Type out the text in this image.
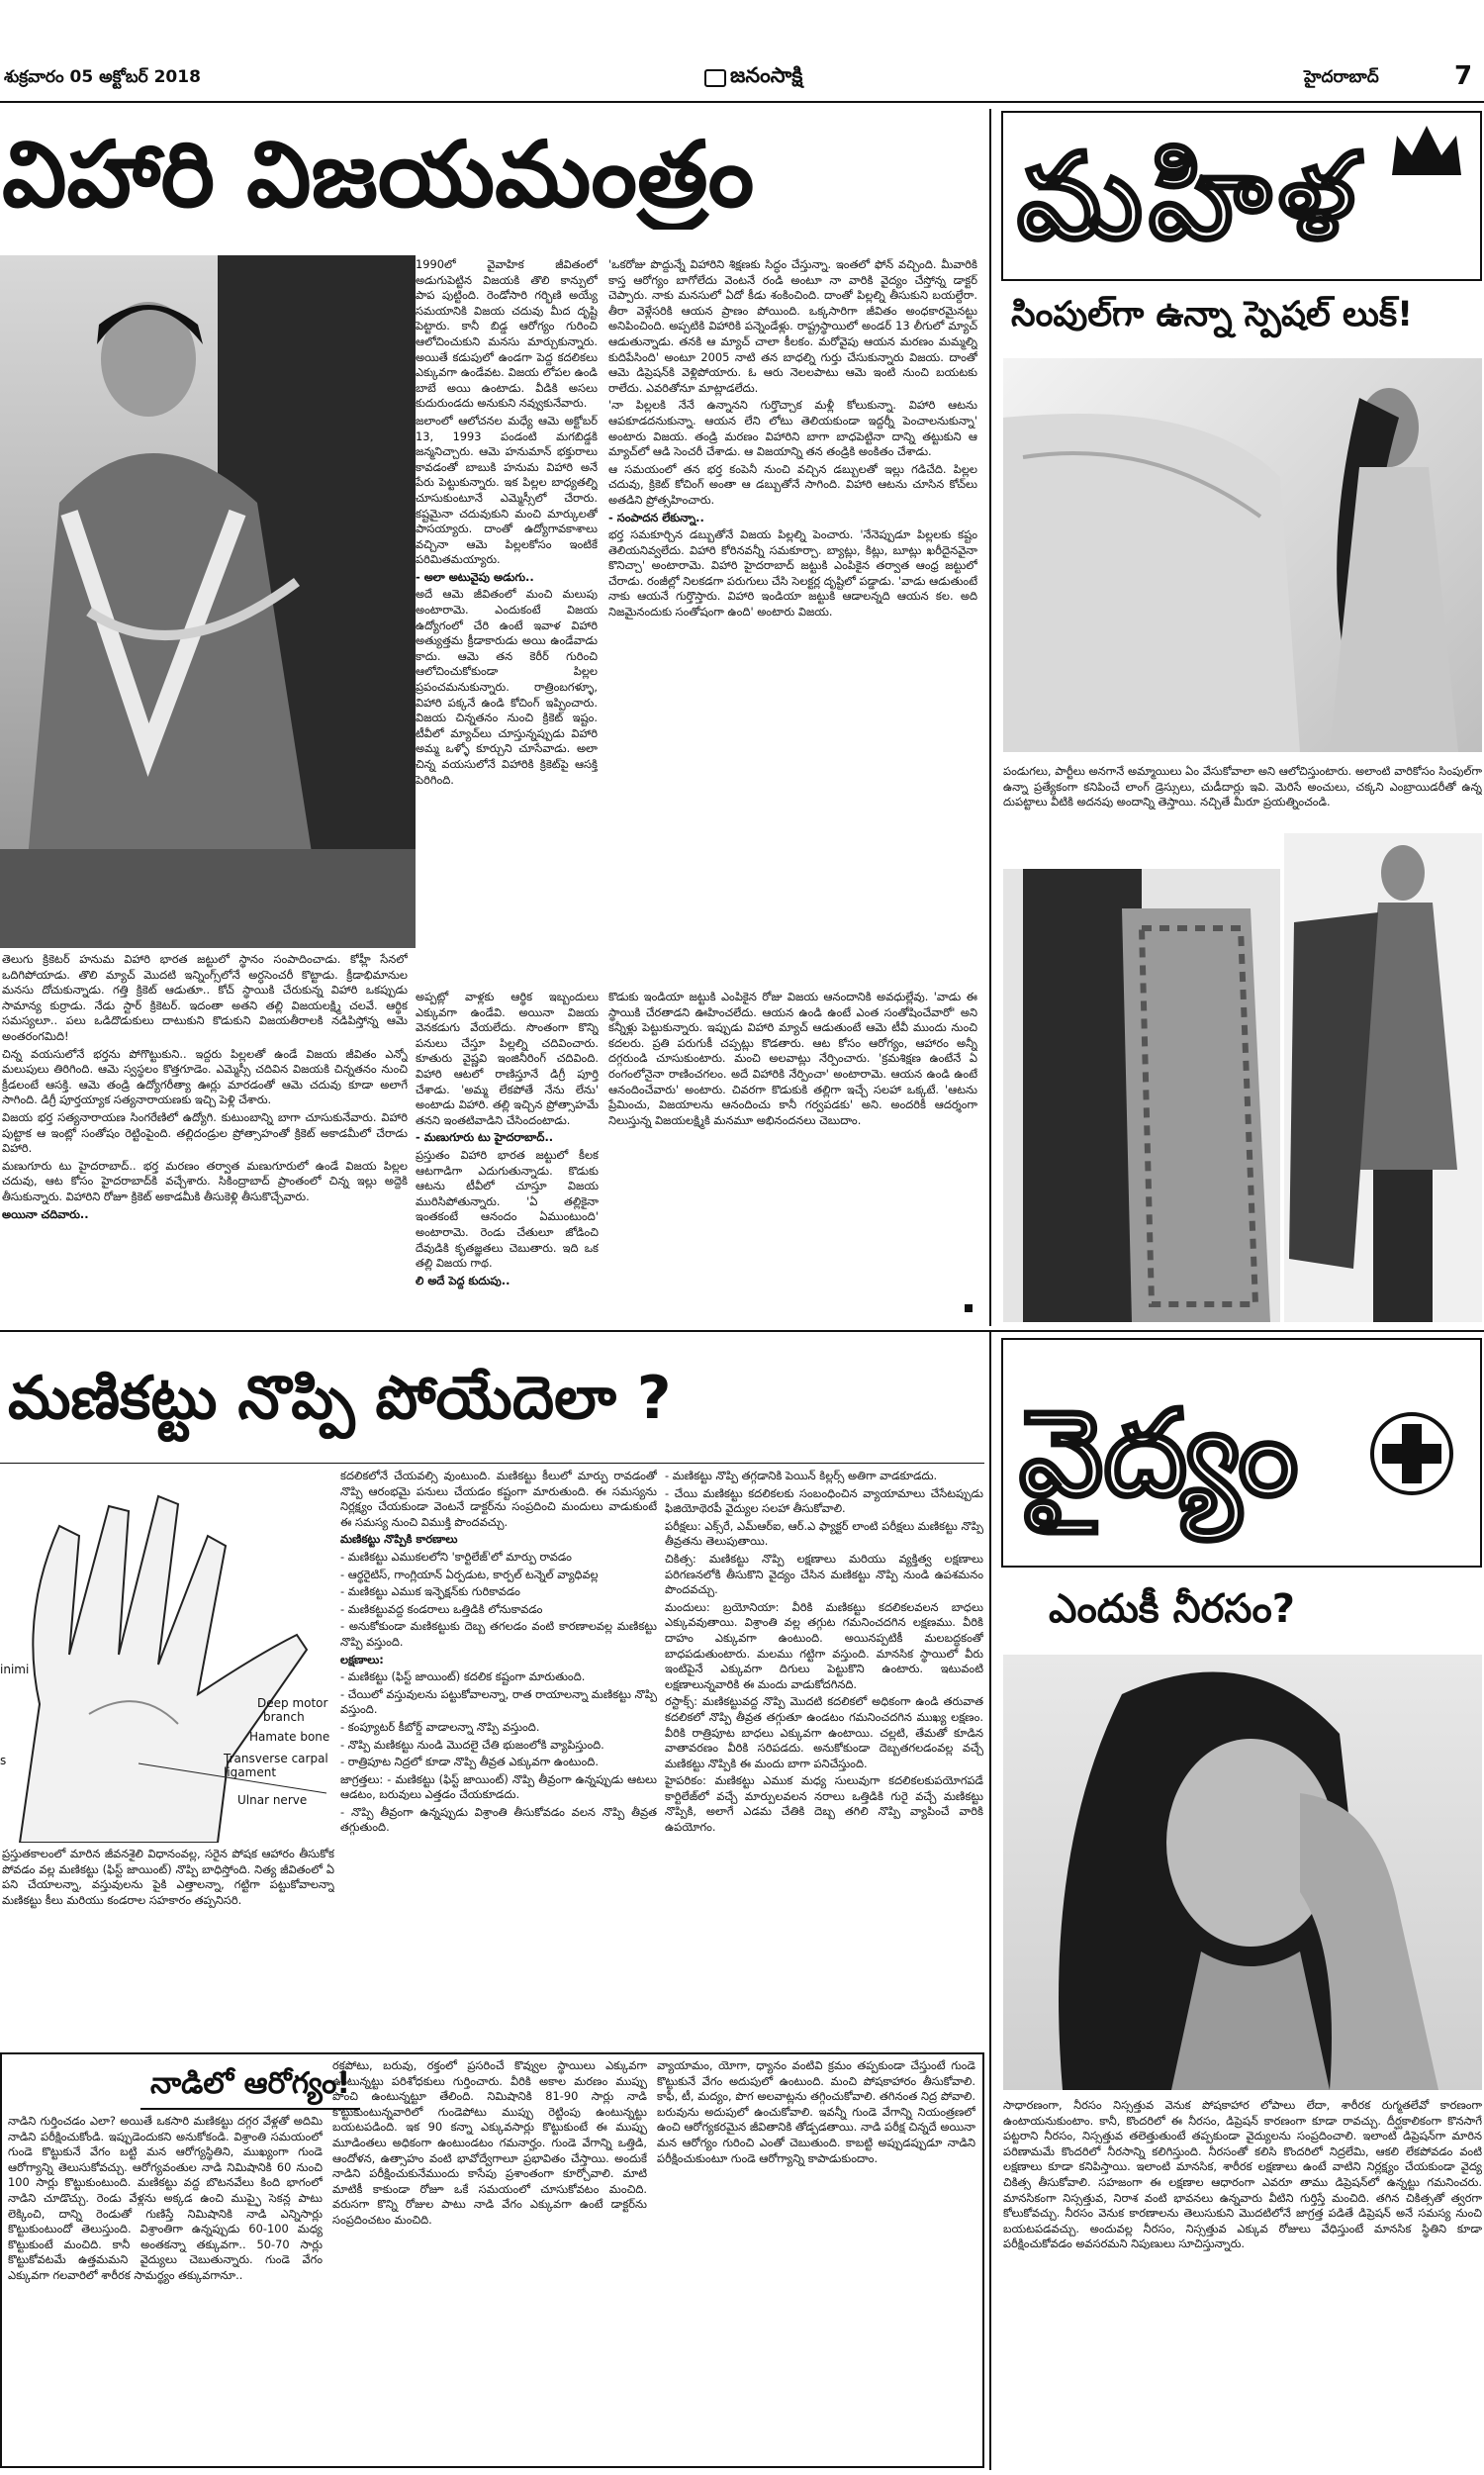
శుక్రవారం 05 అక్టోబర్ 2018	జనంసాక్షి	హైదరాబాద్	7
విహారి విజయమంత్రం

1990లో వైవాహిక జీవితంలో అడుగుపెట్టిన విజయకి తొలి కాన్పులో పాప పుట్టింది. రెండోసారి గర్భిణి అయ్యే సమయానికి విజయ చదువు మీద దృష్టి పెట్టారు. కానీ బిడ్డ ఆరోగ్యం గురించి ఆలోచించుకుని మనసు మార్చుకున్నారు. అయితే కడుపులో ఉండగా పెద్ద కదలికలు ఎక్కువగా ఉండేవట. విజయ లోపల ఉండి బాబే అయి ఉంటాడు. వీడికి అసలు కుదురుండదు అనుకుని నవ్వుకునేవారు.

జలాంలో ఆలోచనల మధ్యే ఆమె అక్టోబర్ 13, 1993 పండంటి మగబిడ్డకి జన్మనిచ్చారు. ఆమె హనుమాన్ భక్తురాలు కావడంతో బాబుకి హనుమ విహారి అనే పేరు పెట్టుకున్నారు. ఇక పిల్లల బాధ్యతల్ని చూసుకుంటూనే ఎమ్మెస్సీలో చేరారు. కష్టమైనా చదువుకుని మంచి మార్కులతో పాసయ్యారు. దాంతో ఉద్యోగావకాశాలు వచ్చినా ఆమె పిల్లలకోసం ఇంటికే పరిమితమయ్యారు.

- అలా అటువైపు అడుగు..

అదే ఆమె జీవితంలో మంచి మలుపు అంటారామె. ఎందుకంటే విజయ ఉద్యోగంలో చేరి ఉంటే ఇవాళ విహారి అత్యుత్తమ క్రీడాకారుడు అయి ఉండేవాడు కాదు. ఆమె తన కెరీర్ గురించి ఆలోచించుకోకుండా పిల్లల ప్రపంచమనుకున్నారు. రాత్రింబగళ్ళూ, విహారి పక్కనే ఉండి కోచింగ్ ఇప్పించారు. విజయ చిన్నతనం నుంచి క్రికెట్ ఇష్టం. టీవీలో మ్యాచ్‌లు చూస్తున్నప్పుడు విహారి అమ్మ ఒళ్ళో కూర్చుని చూసేవాడు. అలా చిన్న వయసులోనే విహారికి క్రికెట్‌పై ఆసక్తి పెరిగింది.

'ఒకరోజు పొద్దున్నే విహారిని శిక్షణకు సిద్ధం చేస్తున్నా. ఇంతలో ఫోన్ వచ్చింది. మీవారికి కాస్త ఆరోగ్యం బాగోలేదు వెంటనే రండి అంటూ నా వారికి వైద్యం చేస్తోన్న డాక్టర్ చెప్పారు. నాకు మనసులో ఏదో కీడు శంకించింది. దాంతో పిల్లల్ని తీసుకుని బయల్దేరా. తీరా వెళ్లేసరికి ఆయన ప్రాణం పోయింది. ఒక్కసారిగా జీవితం అంధకారమైనట్టు అనిపించింది. అప్పటికి విహారికి పన్నెండేళ్లు. రాష్ట్రస్థాయిలో అండర్ 13 లీగులో మ్యాచ్ ఆడుతున్నాడు. తనకి ఆ మ్యాచ్ చాలా కీలకం. మరోవైపు ఆయన మరణం మమ్మల్ని కుదిపేసింది' అంటూ 2005 నాటి తన బాధల్ని గుర్తు చేసుకున్నారు విజయ. దాంతో ఆమె డిప్రెషన్‌కి వెళ్లిపోయారు. ఓ ఆరు నెలలపాటు ఆమె ఇంటి నుంచి బయటకు రాలేదు. ఎవరితోనూ మాట్లాడలేదు.

'నా పిల్లలకి నేనే ఉన్నానని గుర్తొచ్చాక మళ్లీ కోలుకున్నా. విహారి ఆటను ఆపకూడదనుకున్నా. ఆయన లేని లోటు తెలియకుండా ఇద్దర్నీ పెంచాలనుకున్నా' అంటారు విజయ. తండ్రి మరణం విహారిని బాగా బాధపెట్టినా దాన్ని తట్టుకుని ఆ మ్యాచ్‌లో ఆడి సెంచరీ చేశాడు. ఆ విజయాన్ని తన తండ్రికి అంకితం చేశాడు.

ఆ సమయంలో తన భర్త కంపెనీ నుంచి వచ్చిన డబ్బులతో ఇల్లు గడిచేది. పిల్లల చదువు, క్రికెట్ కోచింగ్ అంతా ఆ డబ్బుతోనే సాగింది. విహారి ఆటను చూసిన కోచ్‌లు అతడిని ప్రోత్సహించారు.

- సంపాదన లేకున్నా..

భర్త సమకూర్చిన డబ్బుతోనే విజయ పిల్లల్ని పెంచారు. 'నేనెప్పుడూ పిల్లలకు కష్టం తెలియనివ్వలేదు. విహారి కోరినవన్నీ సమకూర్చా. బ్యాట్లు, కిట్లు, బూట్లు ఖరీదైనవైనా కొనిచ్చా' అంటారామె. విహారి హైదరాబాద్ జట్టుకి ఎంపికైన తర్వాత ఆంధ్ర జట్టులో చేరాడు. రంజీల్లో నిలకడగా పరుగులు చేసి సెలక్టర్ల దృష్టిలో పడ్డాడు. 'వాడు ఆడుతుంటే నాకు ఆయనే గుర్తొస్తారు. విహారి ఇండియా జట్టుకి ఆడాలన్నది ఆయన కల. అది నిజమైనందుకు సంతోషంగా ఉంది' అంటారు విజయ.

తెలుగు క్రికెటర్ హనుమ విహారి భారత జట్టులో స్థానం సంపాదించాడు. కోహ్లీ సేనలో ఒదిగిపోయాడు. తొలి మ్యాచ్ మొదటి ఇన్నింగ్స్‌లోనే అర్ధసెంచరీ కొట్టాడు. క్రీడాభిమానుల మనసు దోచుకున్నాడు. గత్తి క్రికెట్ ఆడుతూ.. కోచ్ స్థాయికి చేరుకున్న విహారి ఒకప్పుడు సామాన్య కుర్రాడు. నేడు స్టార్ క్రికెటర్. ఇదంతా అతని తల్లి విజయలక్ష్మి చలవే. ఆర్థిక సమస్యలూ.. పలు ఒడిదొడుకులు దాటుకుని కొడుకుని విజయతీరాలకి నడిపిస్తోన్న ఆమె అంతరంగమిది!

చిన్న వయసులోనే భర్తను పోగొట్టుకుని.. ఇద్దరు పిల్లలతో ఉండే విజయ జీవితం ఎన్నో మలుపులు తిరిగింది. ఆమె స్వస్థలం కొత్తగూడెం. ఎమ్మెస్సీ చదివిన విజయకి చిన్నతనం నుంచి క్రీడలంటే ఆసక్తి. ఆమె తండ్రి ఉద్యోగరీత్యా ఊర్లు మారడంతో ఆమె చదువు కూడా అలాగే సాగింది. డిగ్రీ పూర్తయ్యాక సత్యనారాయణకు ఇచ్చి పెళ్లి చేశారు.

విజయ భర్త సత్యనారాయణ సింగరేణిలో ఉద్యోగి. కుటుంబాన్ని బాగా చూసుకునేవారు. విహారి పుట్టాక ఆ ఇంట్లో సంతోషం రెట్టింపైంది. తల్లిదండ్రుల ప్రోత్సాహంతో క్రికెట్ అకాడమీలో చేరాడు విహారి.

మణుగూరు టు హైదరాబాద్.. భర్త మరణం తర్వాత మణుగూరులో ఉండే విజయ పిల్లల చదువు, ఆట కోసం హైదరాబాద్‌కి వచ్చేశారు. సికింద్రాబాద్ ప్రాంతంలో చిన్న ఇల్లు అద్దెకి తీసుకున్నారు. విహారిని రోజూ క్రికెట్ అకాడమీకి తీసుకెళ్లి తీసుకొచ్చేవారు.

అయినా చదివారు..

అప్పట్లో వాళ్లకు ఆర్థిక ఇబ్బందులు ఎక్కువగా ఉండేవి. అయినా విజయ వెనకడుగు వేయలేదు. సొంతంగా కొన్ని పనులు చేస్తూ పిల్లల్ని చదివించారు. కూతురు వైష్ణవి ఇంజినీరింగ్ చదివింది. విహారి ఆటలో రాణిస్తూనే డిగ్రీ పూర్తి చేశాడు. 'అమ్మ లేకపోతే నేను లేను' అంటాడు విహారి. తల్లి ఇచ్చిన ప్రోత్సాహమే తనని ఇంతటివాడిని చేసిందంటాడు.

- మణుగూరు టు హైదరాబాద్..

ప్రస్తుతం విహారి భారత జట్టులో కీలక ఆటగాడిగా ఎదుగుతున్నాడు. కొడుకు ఆటను టీవీలో చూస్తూ విజయ మురిసిపోతున్నారు. 'ఏ తల్లికైనా ఇంతకంటే ఆనందం ఏముంటుంది' అంటారామె. రెండు చేతులూ జోడించి దేవుడికి కృతజ్ఞతలు చెబుతారు. ఇది ఒక తల్లి విజయ గాథ.

లి అదే పెద్ద కుదుపు..

కొడుకు ఇండియా జట్టుకి ఎంపికైన రోజు విజయ ఆనందానికి అవధుల్లేవు. 'వాడు ఈ స్థాయికి చేరతాడని ఊహించలేదు. ఆయన ఉండి ఉంటే ఎంత సంతోషించేవారో' అని కన్నీళ్లు పెట్టుకున్నారు. ఇప్పుడు విహారి మ్యాచ్ ఆడుతుంటే ఆమె టీవీ ముందు నుంచి కదలరు. ప్రతి పరుగుకీ చప్పట్లు కొడతారు. ఆట కోసం ఆరోగ్యం, ఆహారం అన్నీ దగ్గరుండి చూసుకుంటారు. మంచి అలవాట్లు నేర్పించారు. 'క్రమశిక్షణ ఉంటేనే ఏ రంగంలోనైనా రాణించగలం. అదే విహారికి నేర్పించా' అంటారామె. ఆయన ఉండి ఉంటే ఆనందించేవారు' అంటారు. చివరగా కొడుకుకి తల్లిగా ఇచ్చే సలహా ఒక్కటే. 'ఆటను ప్రేమించు, విజయాలను ఆనందించు కానీ గర్వపడకు' అని. అందరికీ ఆదర్శంగా నిలుస్తున్న విజయలక్ష్మికి మనమూ అభినందనలు చెబుదాం.

మహిళ
సింపుల్‌గా ఉన్నా స్పెషల్ లుక్!

పండుగలు, పార్టీలు అనగానే అమ్మాయిలు ఏం వేసుకోవాలా అని ఆలోచిస్తుంటారు. అలాంటి వారికోసం సింపుల్‌గా ఉన్నా ప్రత్యేకంగా కనిపించే లాంగ్ డ్రెస్సులు, చుడీదార్లు ఇవి. మెరిసే అంచులు, చక్కని ఎంబ్రాయిడరీతో ఉన్న దుపట్టాలు వీటికి అదనపు అందాన్ని తెస్తాయి. నచ్చితే మీరూ ప్రయత్నించండి.

మణికట్టు నొప్పి పోయేదెలా ?
inimi
Deep motor
branch
Hamate bone
Transverse carpal
ligament
Ulnar nerve
s

ప్రస్తుతకాలంలో మారిన జీవనశైలి విధానంవల్ల, సరైన పోషక ఆహారం తీసుకోక పోవడం వల్ల మణికట్టు (ఫిస్ట్ జాయింట్) నొప్పి బాధిస్తోంది. నిత్య జీవితంలో ఏ పని చేయాలన్నా, వస్తువులను పైకి ఎత్తాలన్నా, గట్టిగా పట్టుకోవాలన్నా మణికట్టు కీలు మరియు కండరాల సహకారం తప్పనిసరి.

కదలికలోనే చేయవల్సి వుంటుంది. మణికట్టు కీలులో మార్పు రావడంతో నొప్పి ఆరంభమై పనులు చేయడం కష్టంగా మారుతుంది. ఈ సమస్యను నిర్లక్ష్యం చేయకుండా వెంటనే డాక్టర్‌ను సంప్రదించి మందులు వాడుకుంటే ఈ సమస్య నుంచి విముక్తి పొందవచ్చు.

మణికట్టు నొప్పికి కారణాలు

- మణికట్టు ఎముకలలోని 'కార్టిలేజ్'లో మార్పు రావడం

- ఆర్థరైటిస్, గాంగ్లియాన్ ఏర్పడుట, కార్పల్ టన్నెల్ వ్యాధివల్ల

- మణికట్టు ఎముక ఇన్ఫెక్షన్‌కు గురికావడం

- మణికట్టువద్ద కండరాలు ఒత్తిడికి లోనుకావడం

- అనుకోకుండా మణికట్టుకు దెబ్బ తగలడం వంటి కారణాలవల్ల మణికట్టు నొప్పి వస్తుంది.

లక్షణాలు:

- మణికట్టు (ఫిస్ట్ జాయింట్) కదలిక కష్టంగా మారుతుంది.

- చేయిలో వస్తువులను పట్టుకోవాలన్నా, రాత రాయాలన్నా మణికట్టు నొప్పి వస్తుంది.

- కంప్యూటర్ కీబోర్డ్ వాడాలన్నా నొప్పి వస్తుంది.

- నొప్పి మణికట్టు నుండి మొదలై చేతి భుజంలోకి వ్యాపిస్తుంది.

- రాత్రిపూట నిద్రలో కూడా నొప్పి తీవ్రత ఎక్కువగా ఉంటుంది.

జాగ్రత్తలు: - మణికట్టు (ఫిస్ట్ జాయింట్) నొప్పి తీవ్రంగా ఉన్నప్పుడు ఆటలు ఆడటం, బరువులు ఎత్తడం చేయకూడదు.

- నొప్పి తీవ్రంగా ఉన్నప్పుడు విశ్రాంతి తీసుకోవడం వలన నొప్పి తీవ్రత తగ్గుతుంది.

- మణికట్టు నొప్పి తగ్గడానికి పెయిన్ కిల్లర్స్ అతిగా వాడకూడదు.

- చేయి మణికట్టు కదలికలకు సంబంధించిన వ్యాయామాలు చేసేటప్పుడు ఫిజియోథెరపీ వైద్యుల సలహా తీసుకోవాలి.

పరీక్షలు: ఎక్స్‌రే, ఎమ్ఆర్ఐ, ఆర్.ఎ ఫ్యాక్టర్ లాంటి పరీక్షలు మణికట్టు నొప్పి తీవ్రతను తెలుపుతాయి.

చికిత్స: మణికట్టు నొప్పి లక్షణాలు మరియు వ్యక్తిత్వ లక్షణాలు పరిగణనలోకి తీసుకొని వైద్యం చేసిన మణికట్టు నొప్పి నుండి ఉపశమనం పొందవచ్చు.

మందులు: బ్రయోనియా: వీరికి మణికట్టు కదలికలవలన బాధలు ఎక్కువవుతాయి. విశ్రాంతి వల్ల తగ్గుట గమనించదగిన లక్షణము. వీరికి దాహం ఎక్కువగా ఉంటుంది. అయినప్పటికీ మలబద్ధకంతో బాధపడుతుంటారు. మలము గట్టిగా వస్తుంది. మానసిక స్థాయిలో వీరు ఇంటిపైనే ఎక్కువగా దిగులు పెట్టుకొని ఉంటారు. ఇటువంటి లక్షణాలున్నవారికి ఈ మందు వాడుకోదగినది.

రస్టాక్స్: మణికట్టువద్ద నొప్పి మొదటి కదలికలో అధికంగా ఉండి తరువాత కదలికలో నొప్పి తీవ్రత తగ్గుతూ ఉండటం గమనించదగిన ముఖ్య లక్షణం. వీరికి రాత్రిపూట బాధలు ఎక్కువగా ఉంటాయి. చల్లటి, తేమతో కూడిన వాతావరణం వీరికి సరిపడదు. అనుకోకుండా దెబ్బతగలడంవల్ల వచ్చే మణికట్టు నొప్పికి ఈ మందు బాగా పనిచేస్తుంది.

హైపరికం: మణికట్టు ఎముక మధ్య సులువుగా కదలికలకుపయోగపడే కార్టిలేజ్‌లో వచ్చే మార్పులవలన నరాలు ఒత్తిడికి గురై వచ్చే మణికట్టు నొప్పికి, అలాగే ఎడమ చేతికి దెబ్బ తగిలి నొప్పి వ్యాపించే వారికి ఉపయోగం.

వైద్యం
ఎందుకీ నీరసం?

సాధారణంగా, నీరసం నిస్సత్తువ వెనుక పోషకాహార లోపాలు లేదా, శారీరక రుగ్మతలేవో కారణంగా ఉంటాయనుకుంటాం. కానీ, కొందరిలో ఈ నీరసం, డిప్రెషన్ కారణంగా కూడా రావచ్చు. దీర్ఘకాలికంగా కొనసాగే పట్టరాని నీరసం, నిస్సత్తువ తలెత్తుతుంటే తప్పకుండా వైద్యులను సంప్రదించాలి. ఇలాంటి డిప్రెషన్‌గా మారిన పరిణామమే కొందరిలో నీరసాన్ని కలిగిస్తుంది. నీరసంతో కలిసి కొందరిలో నిద్రలేమి, ఆకలి లేకపోవడం వంటి లక్షణాలు కూడా కనిపిస్తాయి. ఇలాంటి మానసిక, శారీరక లక్షణాలు ఉంటే వాటిని నిర్లక్ష్యం చేయకుండా వైద్య చికిత్స తీసుకోవాలి. సహజంగా ఈ లక్షణాల ఆధారంగా ఎవరూ తాము డిప్రెషన్‌లో ఉన్నట్టు గమనించరు. మానసికంగా నిస్సత్తువ, నిరాశ వంటి భావనలు ఉన్నవారు వీటిని గుర్తిస్తే మంచిది. తగిన చికిత్సతో త్వరగా కోలుకోవచ్చు. నీరసం వెనుక కారణాలను తెలుసుకుని మొదటిలోనే జాగ్రత్త పడితే డిప్రెషన్ అనే సమస్య నుంచి బయటపడవచ్చు. అందువల్ల నీరసం, నిస్సత్తువ ఎక్కువ రోజులు వేధిస్తుంటే మానసిక స్థితిని కూడా పరీక్షించుకోవడం అవసరమని నిపుణులు సూచిస్తున్నారు.

నాడిలో ఆరోగ్యం!

నాడిని గుర్తించడం ఎలా? అయితే ఒకసారి మణికట్టు దగ్గర వేళ్లతో అదిమి నాడిని పరీక్షించుకోండి. ఇప్పుడెందుకని అనుకోకండి. విశ్రాంతి సమయంలో గుండె కొట్టుకునే వేగం బట్టి మన ఆరోగ్యస్థితిని, ముఖ్యంగా గుండె ఆరోగ్యాన్ని తెలుసుకోవచ్చు. ఆరోగ్యవంతుల నాడి నిమిషానికి 60 నుంచి 100 సార్లు కొట్టుకుంటుంది. మణికట్టు వద్ద బొటనవేలు కింది భాగంలో నాడిని చూడొచ్చు. రెండు వేళ్లను అక్కడ ఉంచి ముప్ఫై సెకన్ల పాటు లెక్కించి, దాన్ని రెండుతో గుణిస్తే నిమిషానికి నాడి ఎన్నిసార్లు కొట్టుకుంటుందో తెలుస్తుంది. విశ్రాంతిగా ఉన్నప్పుడు 60-100 మధ్య కొట్టుకుంటే మంచిది. కానీ అంతకన్నా తక్కువగా.. 50-70 సార్లు కొట్టుకోవటమే ఉత్తమమని వైద్యులు చెబుతున్నారు. గుండె వేగం ఎక్కువగా గలవారిలో శారీరక సామర్థ్యం తక్కువగానూ..

రక్తపోటు, బరువు, రక్తంలో ప్రసరించే కొవ్వుల స్థాయిలు ఎక్కువగా ఉంటున్నట్టు పరిశోధకులు గుర్తించారు. వీరికి అకాల మరణం ముప్పు పొంచి ఉంటున్నట్టూ తేలింది. నిమిషానికి 81-90 సార్లు నాడి కొట్టుకుంటున్నవారిలో గుండెపోటు ముప్పు రెట్టింపు ఉంటున్నట్టు బయటపడింది. ఇక 90 కన్నా ఎక్కువసార్లు కొట్టుకుంటే ఈ ముప్పు మూడింతలు అధికంగా ఉంటుండటం గమనార్హం. గుండె వేగాన్ని ఒత్తిడి, ఆందోళన, ఉత్సాహం వంటి భావోద్వేగాలూ ప్రభావితం చేస్తాయి. అందుకే నాడిని పరీక్షించుకునేముందు కాసేపు ప్రశాంతంగా కూర్చోవాలి. మాటి మాటికీ కాకుండా రోజూ ఒకే సమయంలో చూసుకోవటం మంచిది. వరుసగా కొన్ని రోజుల పాటు నాడి వేగం ఎక్కువగా ఉంటే డాక్టర్‌ను సంప్రదించటం మంచిది.

వ్యాయామం, యోగా, ధ్యానం వంటివి క్రమం తప్పకుండా చేస్తుంటే గుండె కొట్టుకునే వేగం అదుపులో ఉంటుంది. మంచి పోషకాహారం తీసుకోవాలి. కాఫీ, టీ, మద్యం, పొగ అలవాట్లను తగ్గించుకోవాలి. తగినంత నిద్ర పోవాలి. బరువును అదుపులో ఉంచుకోవాలి. ఇవన్నీ గుండె వేగాన్ని నియంత్రణలో ఉంచి ఆరోగ్యకరమైన జీవితానికి తోడ్పడతాయి. నాడి పరీక్ష చిన్నదే అయినా మన ఆరోగ్యం గురించి ఎంతో చెబుతుంది. కాబట్టి అప్పుడప్పుడూ నాడిని పరీక్షించుకుంటూ గుండె ఆరోగ్యాన్ని కాపాడుకుందాం.
